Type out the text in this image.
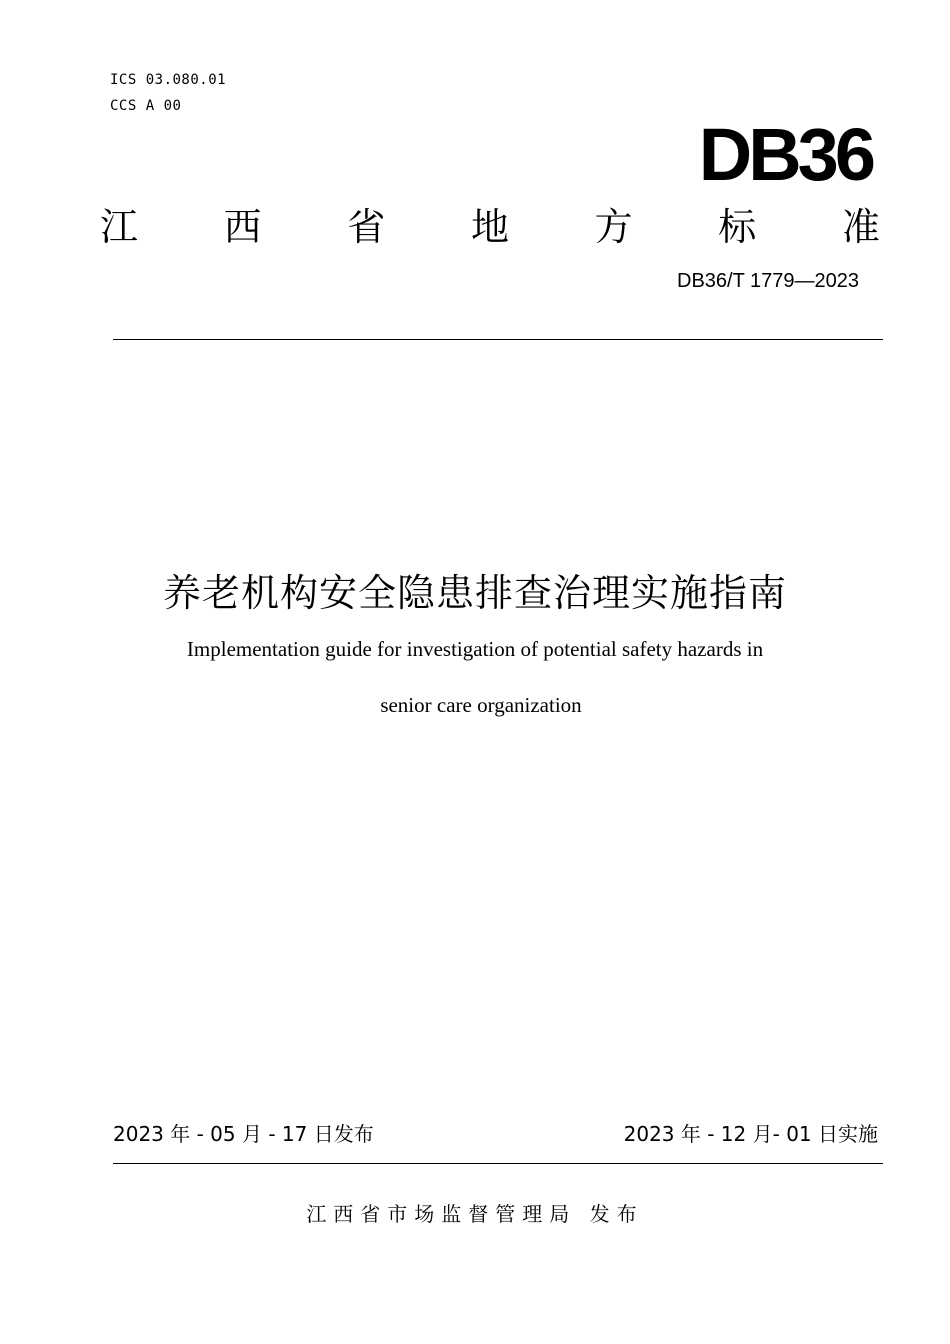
ICS 03.080.01
CCS A 00
DB36
江 西 省 地 方 标 准
DB36/T 1779—2023
养老机构安全隐患排查治理实施指南
Implementation guide for investigation of potential safety hazards in
senior care organization
2023 年 - 05 月 - 17 日发布	2023 年 - 12 月- 01 日实施
江西省市场监督管理局 发布
